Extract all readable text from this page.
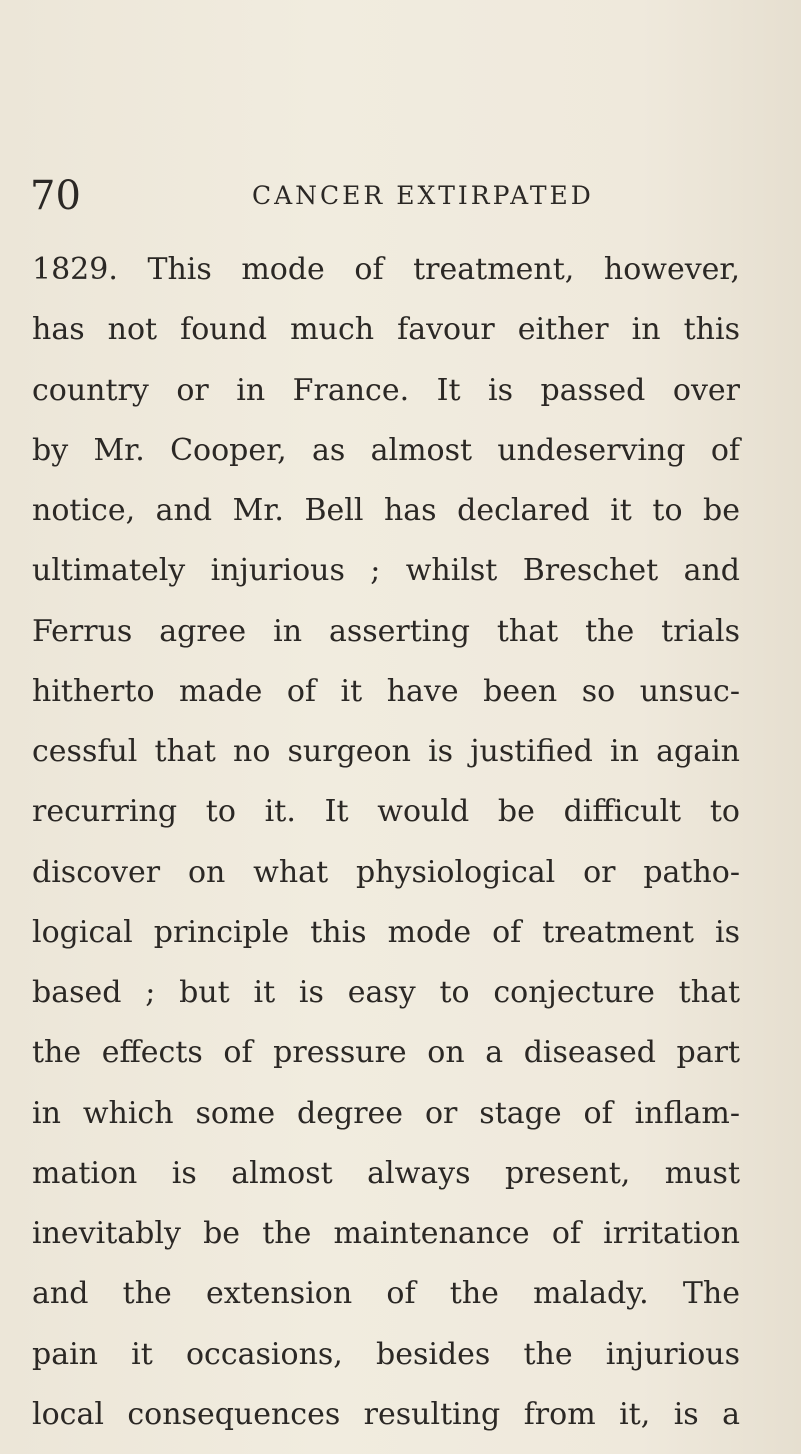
70	CANCER EXTIRPATED
1829. This mode of treatment, however,
has not found much favour either in this
country or in France. It is passed over
by Mr. Cooper, as almost undeserving of
notice, and Mr. Bell has declared it to be
ultimately injurious ; whilst Breschet and
Ferrus agree in asserting that the trials
hitherto made of it have been so unsuc-
cessful that no surgeon is justified in again
recurring to it. It would be difficult to
discover on what physiological or patho-
logical principle this mode of treatment is
based ; but it is easy to conjecture that
the effects of pressure on a diseased part
in which some degree or stage of inflam-
mation is almost always present, must
inevitably be the maintenance of irritation
and the extension of the malady. The
pain it occasions, besides the injurious
local consequences resulting from it, is a
